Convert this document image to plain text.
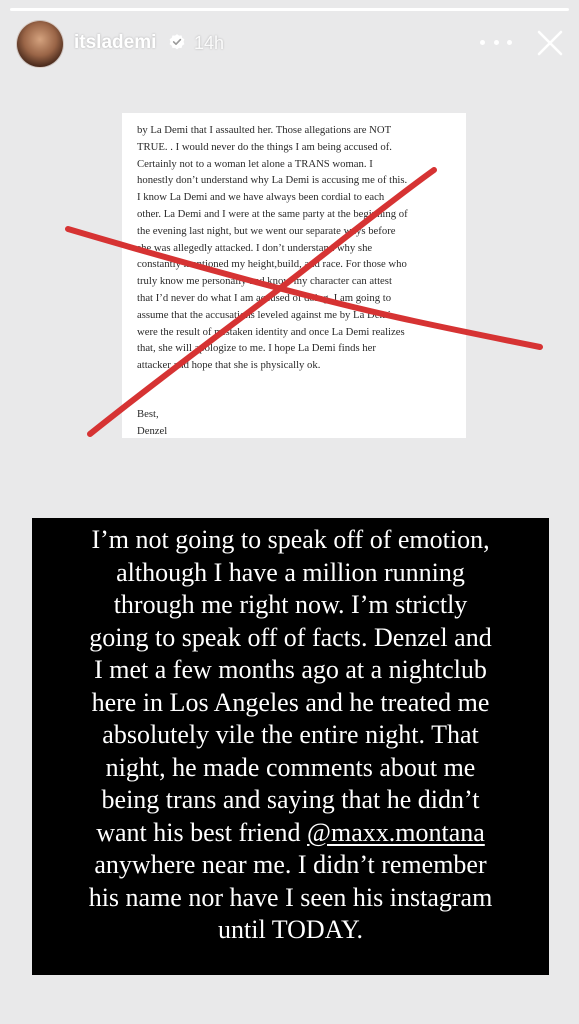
itslademi 14h
by La Demi that I assaulted her. Those allegations are NOT
TRUE. . I would never do the things I am being accused of.
Certainly not to a woman let alone a TRANS woman. I
honestly don’t understand why La Demi is accusing me of this.
I know La Demi and we have always been cordial to each
other. La Demi and I were at the same party at the beginning of
the evening last night, but we went our separate ways before
she was allegedly attacked. I don’t understand why she
constantly mentioned my height,build, and race. For those who
truly know me personally and know my character can attest
that I’d never do what I am accused of doing. I am going to
assume that the accusations leveled against me by La Demi
were the result of mistaken identity and once La Demi realizes
that, she will apologize to me. I hope La Demi finds her
attacker and hope that she is physically ok.
Best,
Denzel
I’m not going to speak off of emotion,
although I have a million running
through me right now. I’m strictly
going to speak off of facts. Denzel and
I met a few months ago at a nightclub
here in Los Angeles and he treated me
absolutely vile the entire night. That
night, he made comments about me
being trans and saying that he didn’t
want his best friend @maxx.montana
anywhere near me. I didn’t remember
his name nor have I seen his instagram
until TODAY.
